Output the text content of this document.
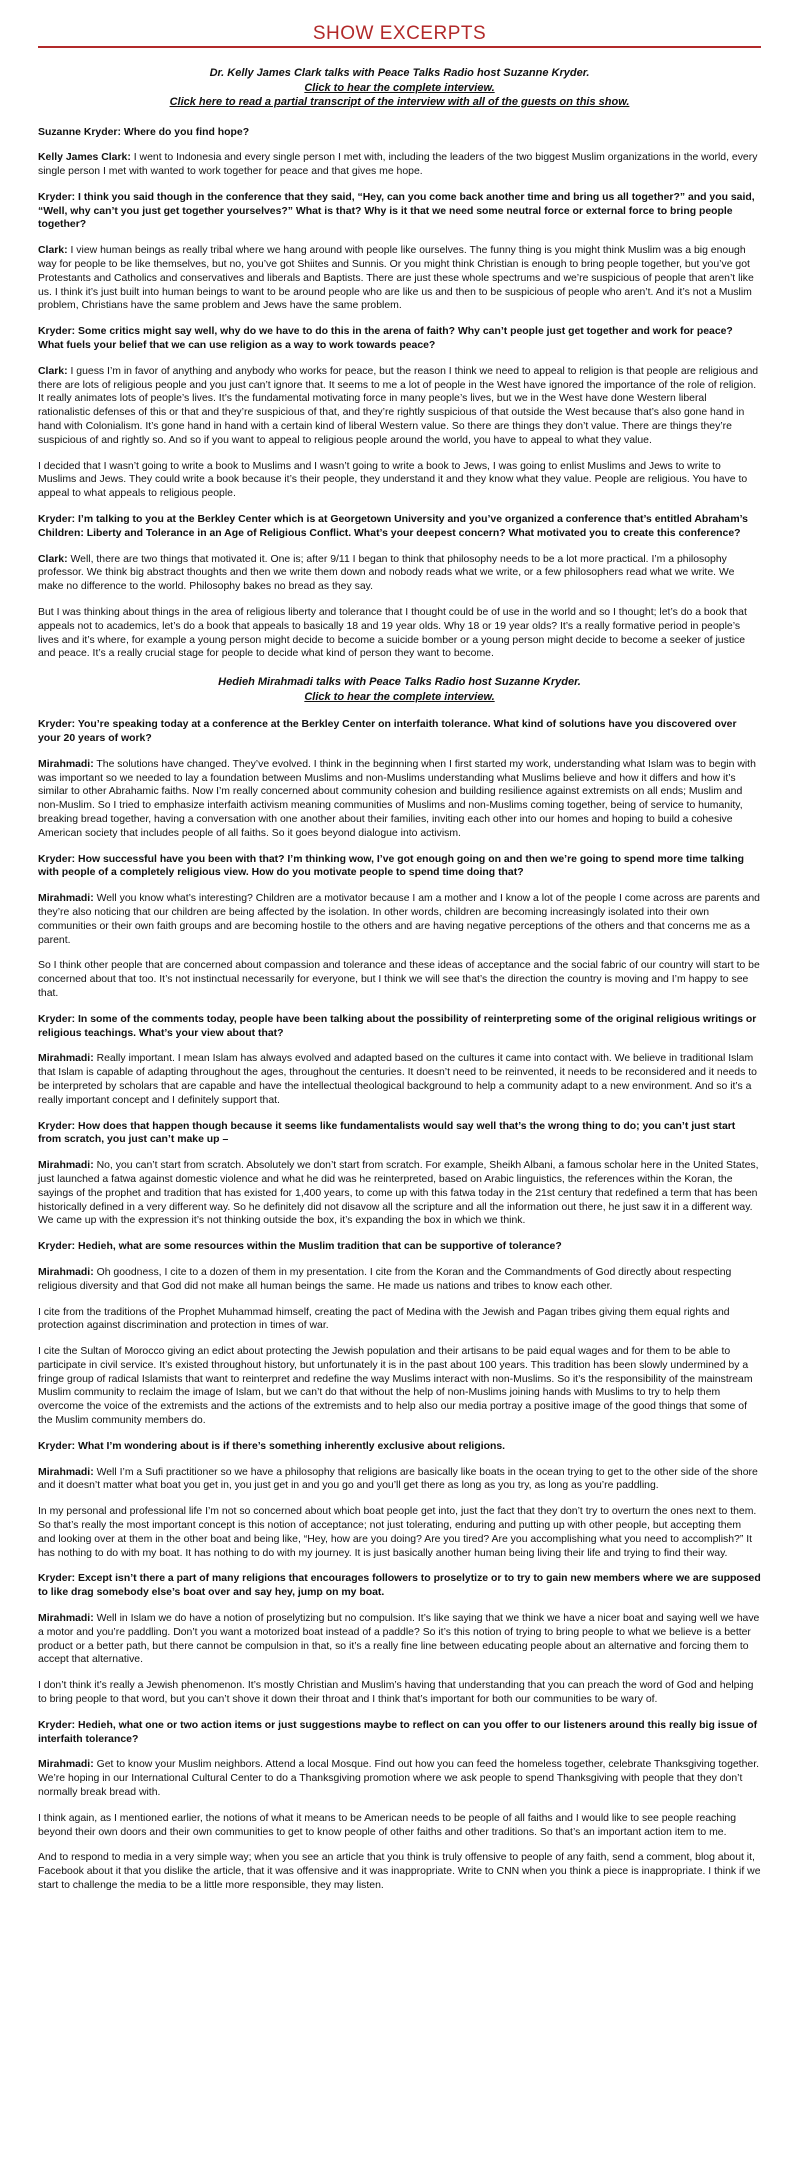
SHOW EXCERPTS
Dr. Kelly James Clark talks with Peace Talks Radio host Suzanne Kryder.
Click to hear the complete interview.
Click here to read a partial transcript of the interview with all of the guests on this show.

Suzanne Kryder: Where do you find hope?

Kelly James Clark: I went to Indonesia and every single person I met with, including the leaders of the two biggest Muslim organizations in the world, every single person I met with wanted to work together for peace and that gives me hope.

Kryder: I think you said though in the conference that they said, “Hey, can you come back another time and bring us all together?” and you said, “Well, why can’t you just get together yourselves?” What is that? Why is it that we need some neutral force or external force to bring people together?

Clark: I view human beings as really tribal where we hang around with people like ourselves. The funny thing is you might think Muslim was a big enough way for people to be like themselves, but no, you’ve got Shiites and Sunnis. Or you might think Christian is enough to bring people together, but you’ve got Protestants and Catholics and conservatives and liberals and Baptists. There are just these whole spectrums and we’re suspicious of people that aren’t like us. I think it’s just built into human beings to want to be around people who are like us and then to be suspicious of people who aren’t. And it’s not a Muslim problem, Christians have the same problem and Jews have the same problem.

Kryder: Some critics might say well, why do we have to do this in the arena of faith? Why can’t people just get together and work for peace? What fuels your belief that we can use religion as a way to work towards peace?

Clark: I guess I’m in favor of anything and anybody who works for peace, but the reason I think we need to appeal to religion is that people are religious and there are lots of religious people and you just can’t ignore that. It seems to me a lot of people in the West have ignored the importance of the role of religion. It really animates lots of people’s lives. It’s the fundamental motivating force in many people’s lives, but we in the West have done Western liberal rationalistic defenses of this or that and they’re suspicious of that, and they’re rightly suspicious of that outside the West because that’s also gone hand in hand with Colonialism. It’s gone hand in hand with a certain kind of liberal Western value. So there are things they don’t value. There are things they’re suspicious of and rightly so. And so if you want to appeal to religious people around the world, you have to appeal to what they value.

I decided that I wasn’t going to write a book to Muslims and I wasn’t going to write a book to Jews, I was going to enlist Muslims and Jews to write to Muslims and Jews. They could write a book because it’s their people, they understand it and they know what they value. People are religious. You have to appeal to what appeals to religious people.

Kryder: I’m talking to you at the Berkley Center which is at Georgetown University and you’ve organized a conference that’s entitled Abraham’s Children: Liberty and Tolerance in an Age of Religious Conflict. What’s your deepest concern? What motivated you to create this conference?

Clark: Well, there are two things that motivated it. One is; after 9/11 I began to think that philosophy needs to be a lot more practical. I’m a philosophy professor. We think big abstract thoughts and then we write them down and nobody reads what we write, or a few philosophers read what we write. We make no difference to the world. Philosophy bakes no bread as they say.

But I was thinking about things in the area of religious liberty and tolerance that I thought could be of use in the world and so I thought; let’s do a book that appeals not to academics, let’s do a book that appeals to basically 18 and 19 year olds. Why 18 or 19 year olds? It’s a really formative period in people’s lives and it’s where, for example a young person might decide to become a suicide bomber or a young person might decide to become a seeker of justice and peace. It’s a really crucial stage for people to decide what kind of person they want to become.

Hedieh Mirahmadi talks with Peace Talks Radio host Suzanne Kryder.
Click to hear the complete interview.

Kryder: You’re speaking today at a conference at the Berkley Center on interfaith tolerance. What kind of solutions have you discovered over your 20 years of work?

Mirahmadi: The solutions have changed. They’ve evolved. I think in the beginning when I first started my work, understanding what Islam was to begin with was important so we needed to lay a foundation between Muslims and non-Muslims understanding what Muslims believe and how it differs and how it’s similar to other Abrahamic faiths. Now I’m really concerned about community cohesion and building resilience against extremists on all ends; Muslim and non-Muslim. So I tried to emphasize interfaith activism meaning communities of Muslims and non-Muslims coming together, being of service to humanity, breaking bread together, having a conversation with one another about their families, inviting each other into our homes and hoping to build a cohesive American society that includes people of all faiths. So it goes beyond dialogue into activism.

Kryder: How successful have you been with that? I’m thinking wow, I’ve got enough going on and then we’re going to spend more time talking with people of a completely religious view. How do you motivate people to spend time doing that?

Mirahmadi: Well you know what’s interesting? Children are a motivator because I am a mother and I know a lot of the people I come across are parents and they’re also noticing that our children are being affected by the isolation. In other words, children are becoming increasingly isolated into their own communities or their own faith groups and are becoming hostile to the others and are having negative perceptions of the others and that concerns me as a parent.

So I think other people that are concerned about compassion and tolerance and these ideas of acceptance and the social fabric of our country will start to be concerned about that too. It’s not instinctual necessarily for everyone, but I think we will see that’s the direction the country is moving and I’m happy to see that.

Kryder: In some of the comments today, people have been talking about the possibility of reinterpreting some of the original religious writings or religious teachings. What’s your view about that?

Mirahmadi: Really important. I mean Islam has always evolved and adapted based on the cultures it came into contact with. We believe in traditional Islam that Islam is capable of adapting throughout the ages, throughout the centuries. It doesn’t need to be reinvented, it needs to be reconsidered and it needs to be interpreted by scholars that are capable and have the intellectual theological background to help a community adapt to a new environment. And so it’s a really important concept and I definitely support that.

Kryder: How does that happen though because it seems like fundamentalists would say well that’s the wrong thing to do; you can’t just start from scratch, you just can’t make up –

Mirahmadi: No, you can’t start from scratch. Absolutely we don’t start from scratch. For example, Sheikh Albani, a famous scholar here in the United States, just launched a fatwa against domestic violence and what he did was he reinterpreted, based on Arabic linguistics, the references within the Koran, the sayings of the prophet and tradition that has existed for 1,400 years, to come up with this fatwa today in the 21st century that redefined a term that has been historically defined in a very different way. So he definitely did not disavow all the scripture and all the information out there, he just saw it in a different way. We came up with the expression it’s not thinking outside the box, it’s expanding the box in which we think.

Kryder: Hedieh, what are some resources within the Muslim tradition that can be supportive of tolerance?

Mirahmadi: Oh goodness, I cite to a dozen of them in my presentation. I cite from the Koran and the Commandments of God directly about respecting religious diversity and that God did not make all human beings the same. He made us nations and tribes to know each other.

I cite from the traditions of the Prophet Muhammad himself, creating the pact of Medina with the Jewish and Pagan tribes giving them equal rights and protection against discrimination and protection in times of war.

I cite the Sultan of Morocco giving an edict about protecting the Jewish population and their artisans to be paid equal wages and for them to be able to participate in civil service. It’s existed throughout history, but unfortunately it is in the past about 100 years. This tradition has been slowly undermined by a fringe group of radical Islamists that want to reinterpret and redefine the way Muslims interact with non-Muslims. So it’s the responsibility of the mainstream Muslim community to reclaim the image of Islam, but we can’t do that without the help of non-Muslims joining hands with Muslims to try to help them overcome the voice of the extremists and the actions of the extremists and to help also our media portray a positive image of the good things that some of the Muslim community members do.

Kryder: What I’m wondering about is if there’s something inherently exclusive about religions.

Mirahmadi: Well I’m a Sufi practitioner so we have a philosophy that religions are basically like boats in the ocean trying to get to the other side of the shore and it doesn’t matter what boat you get in, you just get in and you go and you’ll get there as long as you try, as long as you’re paddling.

In my personal and professional life I’m not so concerned about which boat people get into, just the fact that they don’t try to overturn the ones next to them. So that’s really the most important concept is this notion of acceptance; not just tolerating, enduring and putting up with other people, but accepting them and looking over at them in the other boat and being like, “Hey, how are you doing? Are you tired? Are you accomplishing what you need to accomplish?” It has nothing to do with my boat. It has nothing to do with my journey. It is just basically another human being living their life and trying to find their way.

Kryder: Except isn’t there a part of many religions that encourages followers to proselytize or to try to gain new members where we are supposed to like drag somebody else’s boat over and say hey, jump on my boat.

Mirahmadi: Well in Islam we do have a notion of proselytizing but no compulsion. It’s like saying that we think we have a nicer boat and saying well we have a motor and you’re paddling. Don’t you want a motorized boat instead of a paddle? So it’s this notion of trying to bring people to what we believe is a better product or a better path, but there cannot be compulsion in that, so it’s a really fine line between educating people about an alternative and forcing them to accept that alternative.

I don’t think it’s really a Jewish phenomenon. It’s mostly Christian and Muslim’s having that understanding that you can preach the word of God and helping to bring people to that word, but you can’t shove it down their throat and I think that’s important for both our communities to be wary of.

Kryder: Hedieh, what one or two action items or just suggestions maybe to reflect on can you offer to our listeners around this really big issue of interfaith tolerance?

Mirahmadi: Get to know your Muslim neighbors. Attend a local Mosque. Find out how you can feed the homeless together, celebrate Thanksgiving together. We’re hoping in our International Cultural Center to do a Thanksgiving promotion where we ask people to spend Thanksgiving with people that they don’t normally break bread with.

I think again, as I mentioned earlier, the notions of what it means to be American needs to be people of all faiths and I would like to see people reaching beyond their own doors and their own communities to get to know people of other faiths and other traditions. So that’s an important action item to me.

And to respond to media in a very simple way; when you see an article that you think is truly offensive to people of any faith, send a comment, blog about it, Facebook about it that you dislike the article, that it was offensive and it was inappropriate. Write to CNN when you think a piece is inappropriate. I think if we start to challenge the media to be a little more responsible, they may listen.
